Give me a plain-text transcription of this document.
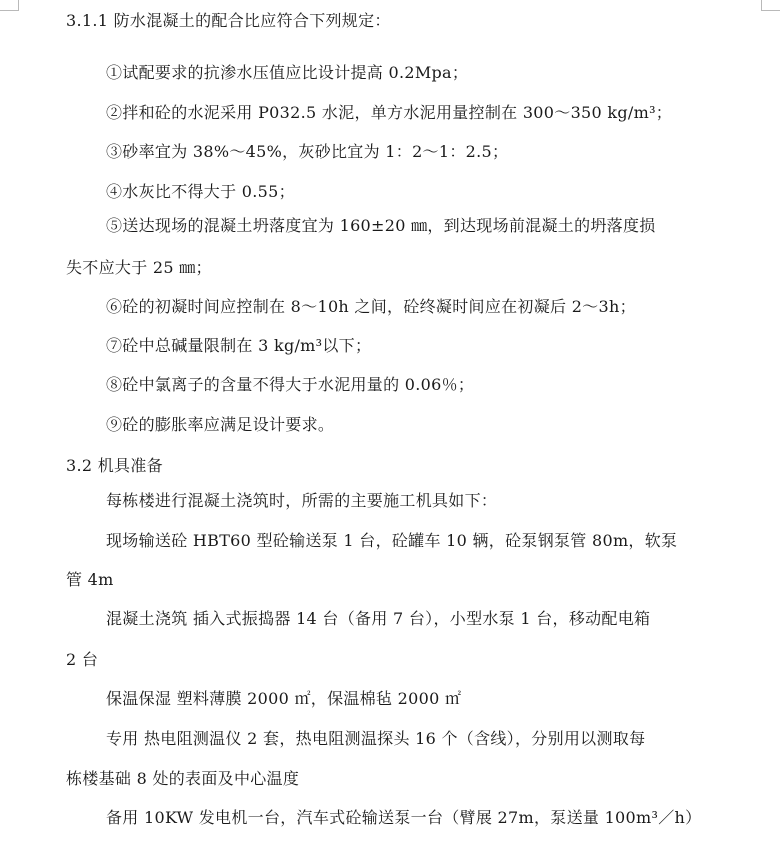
3.1.1 防水混凝土的配合比应符合下列规定：
①试配要求的抗渗水压值应比设计提高 0.2Mpa；
②拌和砼的水泥采用 P032.5 水泥，单方水泥用量控制在 300～350 kg/m³；
③砂率宜为 38%～45%，灰砂比宜为 1：2～1：2.5；
④水灰比不得大于 0.55；
⑤送达现场的混凝土坍落度宜为 160±20 ㎜，到达现场前混凝土的坍落度损
失不应大于 25 ㎜；
⑥砼的初凝时间应控制在 8～10h 之间，砼终凝时间应在初凝后 2～3h；
⑦砼中总碱量限制在 3 kg/m³以下；
⑧砼中氯离子的含量不得大于水泥用量的 0.06％；
⑨砼的膨胀率应满足设计要求。
3.2 机具准备
每栋楼进行混凝土浇筑时，所需的主要施工机具如下：
现场输送砼 HBT60 型砼输送泵 1 台，砼罐车 10 辆，砼泵钢泵管 80m，软泵
管 4m
混凝土浇筑 插入式振捣器 14 台（备用 7 台），小型水泵 1 台，移动配电箱
2 台
保温保湿 塑料薄膜 2000 ㎡，保温棉毡 2000 ㎡
专用 热电阻测温仪 2 套，热电阻测温探头 16 个（含线），分别用以测取每
栋楼基础 8 处的表面及中心温度
备用 10KW 发电机一台，汽车式砼输送泵一台（臂展 27m，泵送量 100m³／h）
